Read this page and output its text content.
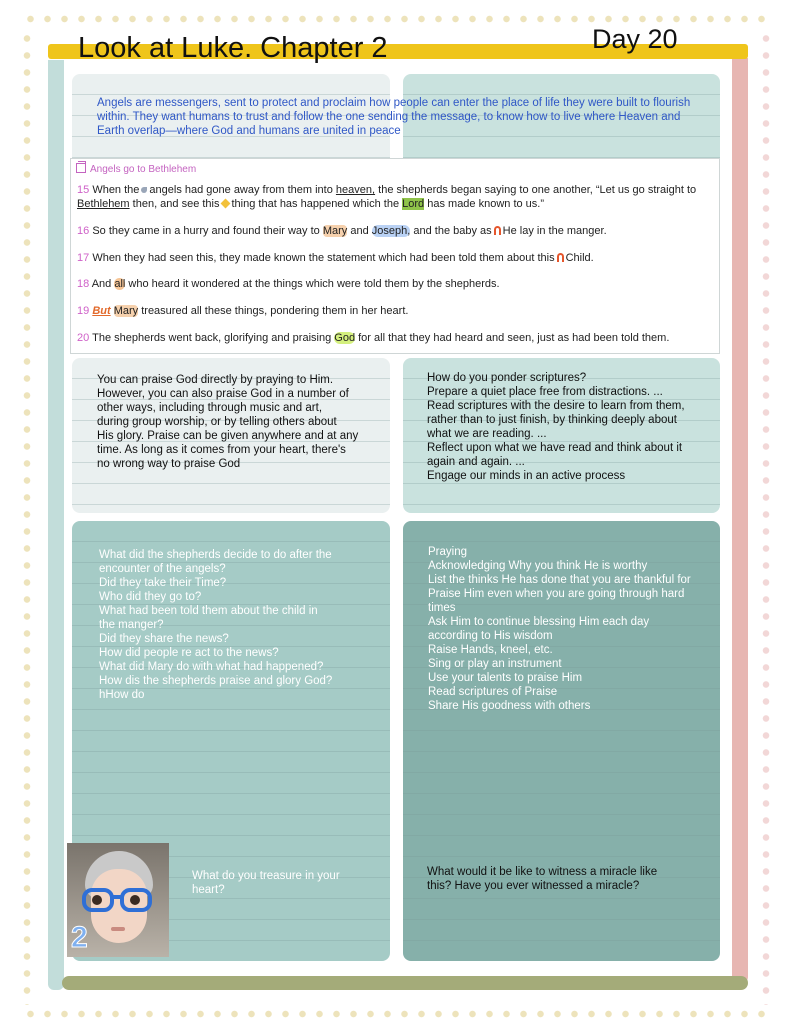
Look at Luke. Chapter 2	Day 20
Angels are messengers, sent to protect and proclaim how people can enter the place of life they were built to flourish within. They want humans to trust and follow the one sending the message, to know how to live where Heaven and Earth overlap—where God and humans are united in peace
Angels go to Bethlehem
15 When the angels had gone away from them into heaven, the shepherds began saying to one another, “Let us go straight to Bethlehem then, and see this thing that has happened which the Lord has made known to us.”
16 So they came in a hurry and found their way to Mary and Joseph, and the baby as He lay in the manger.
17 When they had seen this, they made known the statement which had been told them about this Child.
18 And all who heard it wondered at the things which were told them by the shepherds.
19 But Mary treasured all these things, pondering them in her heart.
20 The shepherds went back, glorifying and praising God for all that they had heard and seen, just as had been told them.
You can praise God directly by praying to Him.
However, you can also praise God in a number of
other ways, including through music and art,
during group worship, or by telling others about
His glory. Praise can be given anywhere and at any
time. As long as it comes from your heart, there's
no wrong way to praise God
How do you ponder scriptures?
Prepare a quiet place free from distractions. ...
Read scriptures with the desire to learn from them,
rather than to just finish, by thinking deeply about
what we are reading. ...
Reflect upon what we have read and think about it
again and again. ...
Engage our minds in an active process
What did the shepherds decide to do after the
encounter of the angels?
Did they take their Time?
Who did they go to?
What had been told them about the child in
the manger?
Did they share the news?
How did people re act to the news?
What did Mary do with what had happened?
How dis the shepherds praise and glory God?
hHow do
Praying
Acknowledging Why you think He is worthy
List the thinks He has done that you are thankful for
Praise Him even when you are going through hard
times
Ask Him to continue blessing Him each day
according to His wisdom
Raise Hands, kneel, etc.
Sing or play an instrument
Use your talents to praise Him
Read scriptures of Praise
Share His goodness with others
What do you treasure in your
heart?
What would it be like to witness a miracle like
this? Have you ever witnessed a miracle?
2
